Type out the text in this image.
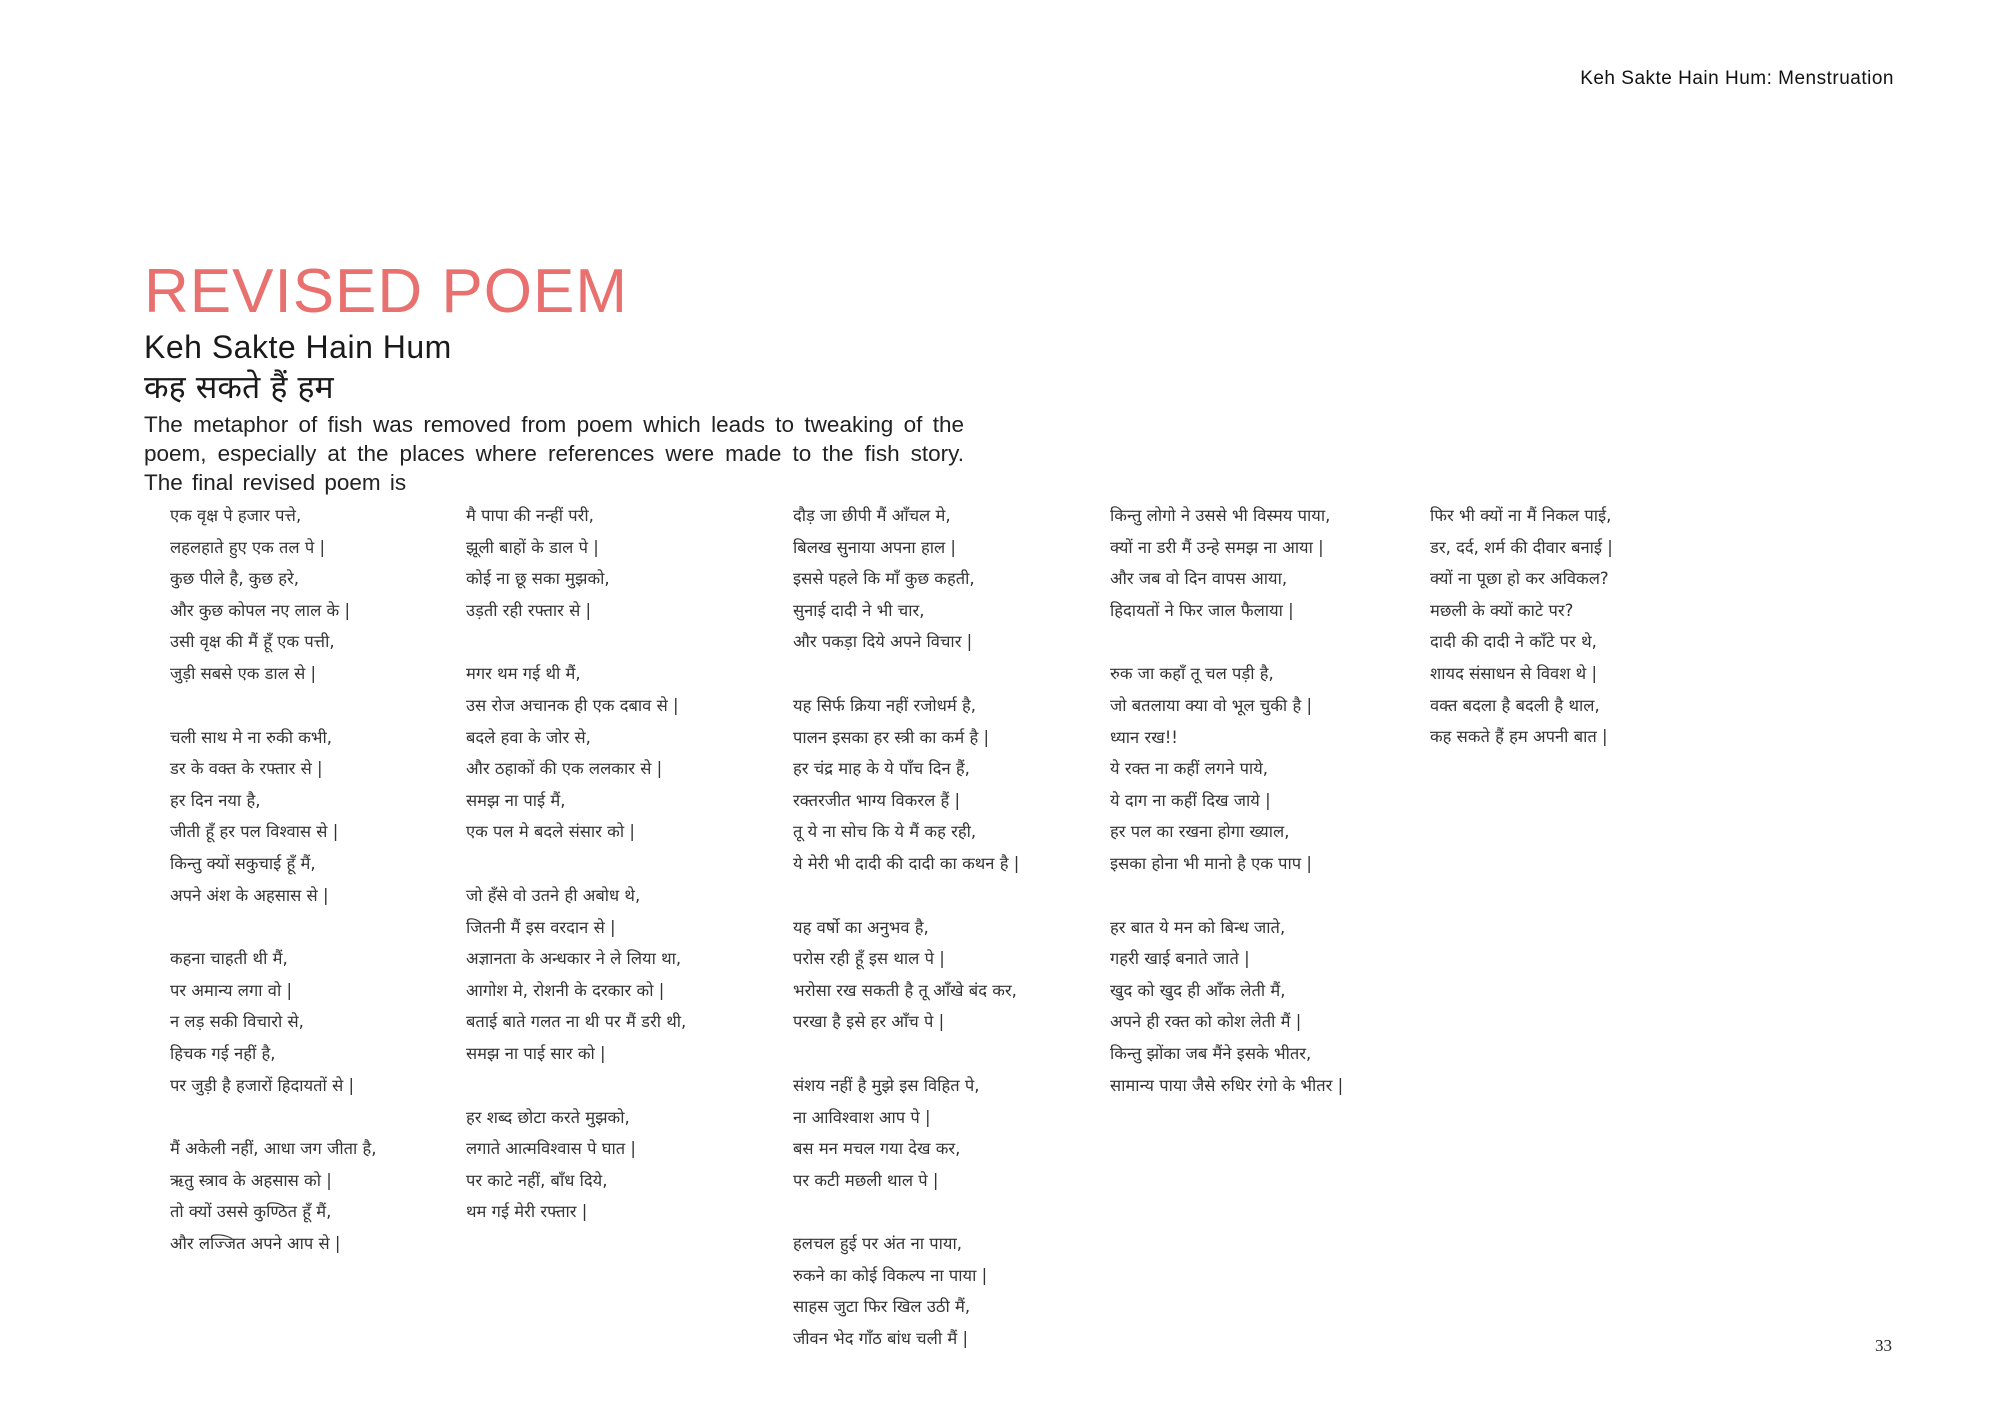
Keh Sakte Hain Hum: Menstruation
REVISED POEM
Keh Sakte Hain Hum
कह सकते हैं हम

The metaphor of fish was removed from poem which leads to tweaking of the poem, especially at the places where references were made to the fish story. The final revised poem is

एक वृक्ष पे हजार पत्ते,
लहलहाते हुए एक तल पे |
कुछ पीले है, कुछ हरे,
और कुछ कोपल नए लाल के |
उसी वृक्ष की मैं हूँ एक पत्ती,
जुड़ी सबसे एक डाल से |
चली साथ मे ना रुकी कभी,
डर के वक्त के रफ्तार से |
हर दिन नया है,
जीती हूँ हर पल विश्वास से |
किन्तु क्यों सकुचाई हूँ मैं,
अपने अंश के अहसास से |
कहना चाहती थी मैं,
पर अमान्य लगा वो |
न लड़ सकी विचारो से,
हिचक गई नहीं है,
पर जुड़ी है हजारों हिदायतों से |
मैं अकेली नहीं, आधा जग जीता है,
ऋतु स्त्राव के अहसास को |
तो क्यों उससे कुण्ठित हूँ मैं,
और लज्जित अपने आप से |
मै पापा की नन्हीं परी,
झूली बाहों के डाल पे |
कोई ना छू सका मुझको,
उड़ती रही रफ्तार से |
मगर थम गई थी मैं,
उस रोज अचानक ही एक दबाव से |
बदले हवा के जोर से,
और ठहाकों की एक ललकार से |
समझ ना पाई मैं,
एक पल मे बदले संसार को |
जो हँसे वो उतने ही अबोध थे,
जितनी मैं इस वरदान से |
अज्ञानता के अन्धकार ने ले लिया था,
आगोश मे, रोशनी के दरकार को |
बताई बाते गलत ना थी पर मैं डरी थी,
समझ ना पाई सार को |
हर शब्द छोटा करते मुझको,
लगाते आत्मविश्वास पे घात |
पर काटे नहीं, बाँध दिये,
थम गई मेरी रफ्तार |
दौड़ जा छीपी मैं आँचल मे,
बिलख सुनाया अपना हाल |
इससे पहले कि माँ कुछ कहती,
सुनाई दादी ने भी चार,
और पकड़ा दिये अपने विचार |
यह सिर्फ क्रिया नहीं रजोधर्म है,
पालन इसका हर स्त्री का कर्म है |
हर चंद्र माह के ये पाँच दिन हैं,
रक्तरजीत भाग्य विकरल हैं |
तू ये ना सोच कि ये मैं कह रही,
ये मेरी भी दादी की दादी का कथन है |
यह वर्षो का अनुभव है,
परोस रही हूँ इस थाल पे |
भरोसा रख सकती है तू आँखे बंद कर,
परखा है इसे हर आँच पे |
संशय नहीं है मुझे इस विहित पे,
ना आविश्वाश आप पे |
बस मन मचल गया देख कर,
पर कटी मछली थाल पे |
हलचल हुई पर अंत ना पाया,
रुकने का कोई विकल्प ना पाया |
साहस जुटा फिर खिल उठी मैं,
जीवन भेद गाँठ बांध चली मैं |
किन्तु लोगो ने उससे भी विस्मय पाया,
क्यों ना डरी मैं उन्हे समझ ना आया |
और जब वो दिन वापस आया,
हिदायतों ने फिर जाल फैलाया |
रुक जा कहाँ तू चल पड़ी है,
जो बतलाया क्या वो भूल चुकी है |
ध्यान रख!!
ये रक्त ना कहीं लगने पाये,
ये दाग ना कहीं दिख जाये |
हर पल का रखना होगा ख्याल,
इसका होना भी मानो है एक पाप |
हर बात ये मन को बिन्ध जाते,
गहरी खाई बनाते जाते |
खुद को खुद ही आँक लेती मैं,
अपने ही रक्त को कोश लेती मैं |
किन्तु झोंका जब मैंने इसके भीतर,
सामान्य पाया जैसे रुधिर रंगो के भीतर |
फिर भी क्यों ना मैं निकल पाई,
डर, दर्द, शर्म की दीवार बनाई |
क्यों ना पूछा हो कर अविकल?
मछली के क्यों काटे पर?
दादी की दादी ने काँटे पर थे,
शायद संसाधन से विवश थे |
वक्त बदला है बदली है थाल,
कह सकते हैं हम अपनी बात |
33
